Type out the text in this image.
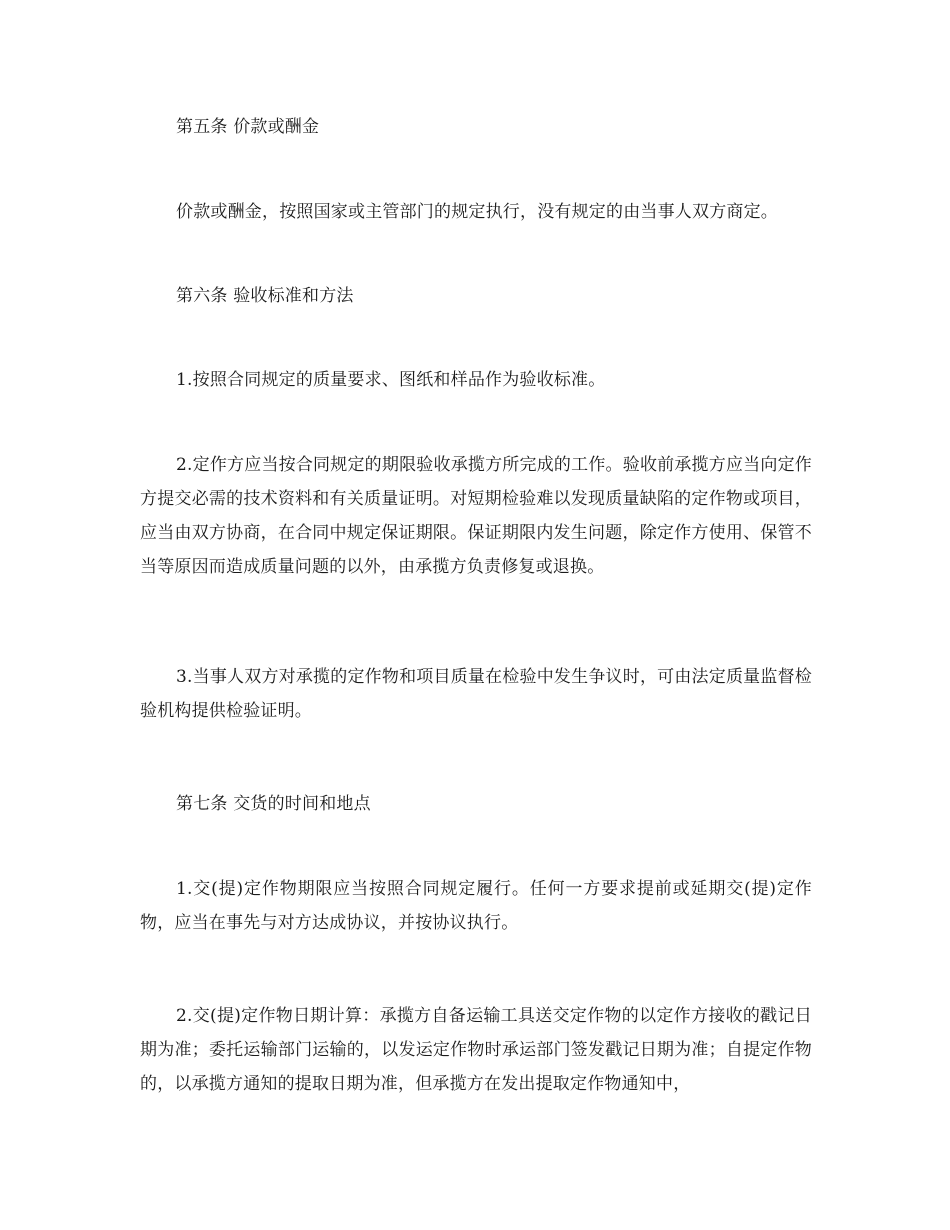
第五条 价款或酬金

价款或酬金，按照国家或主管部门的规定执行，没有规定的由当事人双方商定。

第六条 验收标准和方法

1.按照合同规定的质量要求、图纸和样品作为验收标准。

2.定作方应当按合同规定的期限验收承揽方所完成的工作。验收前承揽方应当向定作方提交必需的技术资料和有关质量证明。对短期检验难以发现质量缺陷的定作物或项目，应当由双方协商，在合同中规定保证期限。保证期限内发生问题，除定作方使用、保管不当等原因而造成质量问题的以外，由承揽方负责修复或退换。

3.当事人双方对承揽的定作物和项目质量在检验中发生争议时，可由法定质量监督检验机构提供检验证明。

第七条 交货的时间和地点

1.交(提)定作物期限应当按照合同规定履行。任何一方要求提前或延期交(提)定作物，应当在事先与对方达成协议，并按协议执行。

2.交(提)定作物日期计算：承揽方自备运输工具送交定作物的以定作方接收的戳记日期为准；委托运输部门运输的，以发运定作物时承运部门签发戳记日期为准；自提定作物的，以承揽方通知的提取日期为准，但承揽方在发出提取定作物通知中，
